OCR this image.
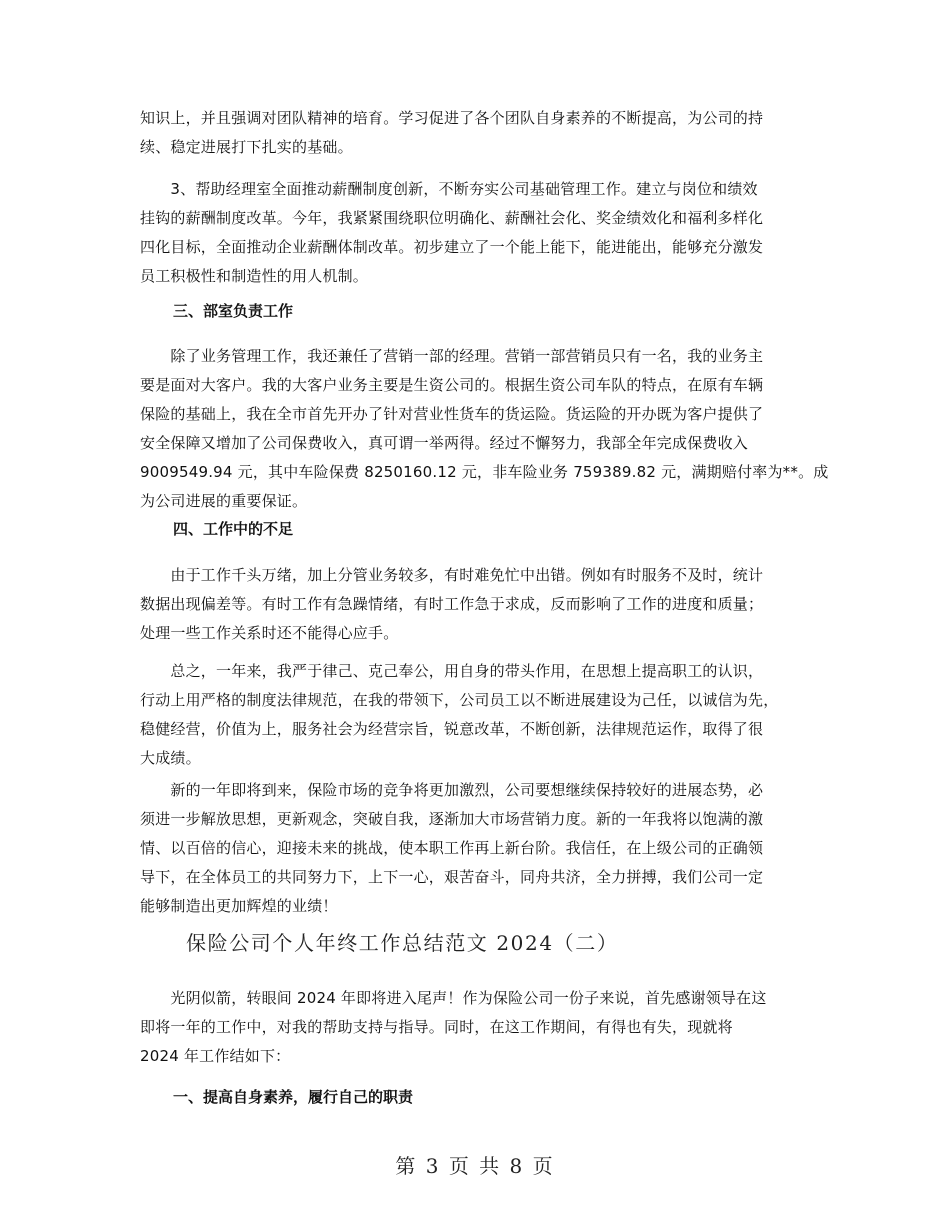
知识上，并且强调对团队精神的培育。学习促进了各个团队自身素养的不断提高，为公司的持
续、稳定进展打下扎实的基础。
　　3、帮助经理室全面推动薪酬制度创新，不断夯实公司基础管理工作。建立与岗位和绩效
挂钩的薪酬制度改革。今年，我紧紧围绕职位明确化、薪酬社会化、奖金绩效化和福利多样化
四化目标，全面推动企业薪酬体制改革。初步建立了一个能上能下，能进能出，能够充分激发
员工积极性和制造性的用人机制。
三、部室负责工作
　　除了业务管理工作，我还兼任了营销一部的经理。营销一部营销员只有一名，我的业务主
要是面对大客户。我的大客户业务主要是生资公司的。根据生资公司车队的特点，在原有车辆
保险的基础上，我在全市首先开办了针对营业性货车的货运险。货运险的开办既为客户提供了
安全保障又增加了公司保费收入，真可谓一举两得。经过不懈努力，我部全年完成保费收入
9009549.94 元，其中车险保费 8250160.12 元，非车险业务 759389.82 元，满期赔付率为**。成
为公司进展的重要保证。
四、工作中的不足
　　由于工作千头万绪，加上分管业务较多，有时难免忙中出错。例如有时服务不及时，统计
数据出现偏差等。有时工作有急躁情绪，有时工作急于求成，反而影响了工作的进度和质量；
处理一些工作关系时还不能得心应手。
　　总之，一年来，我严于律己、克己奉公，用自身的带头作用，在思想上提高职工的认识，
行动上用严格的制度法律规范，在我的带领下，公司员工以不断进展建设为己任，以诚信为先，
稳健经营，价值为上，服务社会为经营宗旨，锐意改革，不断创新，法律规范运作，取得了很
大成绩。
　　新的一年即将到来，保险市场的竞争将更加激烈，公司要想继续保持较好的进展态势，必
须进一步解放思想，更新观念，突破自我，逐渐加大市场营销力度。新的一年我将以饱满的激
情、以百倍的信心，迎接未来的挑战，使本职工作再上新台阶。我信任，在上级公司的正确领
导下，在全体员工的共同努力下，上下一心，艰苦奋斗，同舟共济，全力拼搏，我们公司一定
能够制造出更加辉煌的业绩！
保险公司个人年终工作总结范文 2024（二）
　　光阴似箭，转眼间 2024 年即将进入尾声！作为保险公司一份子来说，首先感谢领导在这
即将一年的工作中，对我的帮助支持与指导。同时，在这工作期间，有得也有失，现就将
2024 年工作结如下：
一、提高自身素养，履行自己的职责
第 3 页 共 8 页
